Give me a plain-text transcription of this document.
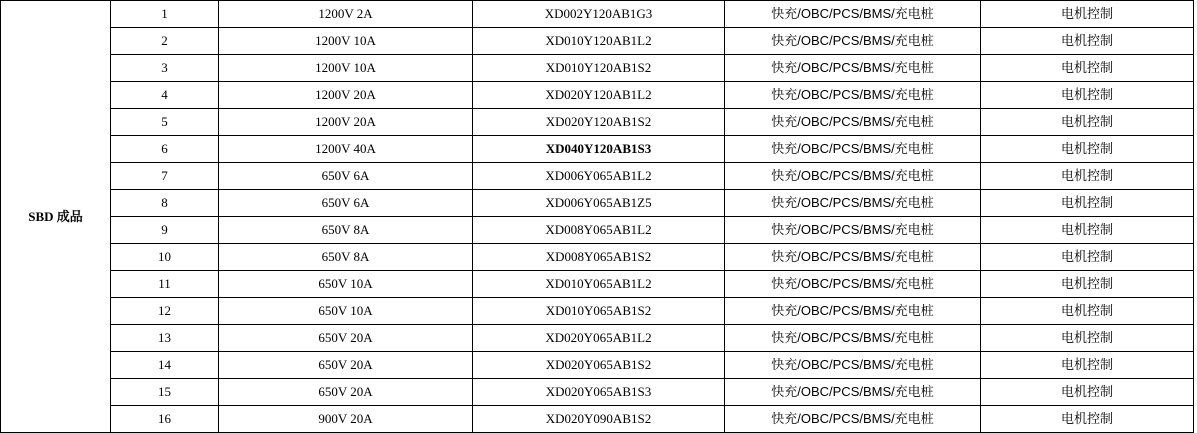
SBD 成品	1	1200V 2A	XD002Y120AB1G3	快充/OBC/PCS/BMS/充电桩	电机控制
	2	1200V 10A	XD010Y120AB1L2	快充/OBC/PCS/BMS/充电桩	电机控制
	3	1200V 10A	XD010Y120AB1S2	快充/OBC/PCS/BMS/充电桩	电机控制
	4	1200V 20A	XD020Y120AB1L2	快充/OBC/PCS/BMS/充电桩	电机控制
	5	1200V 20A	XD020Y120AB1S2	快充/OBC/PCS/BMS/充电桩	电机控制
	6	1200V 40A	XD040Y120AB1S3	快充/OBC/PCS/BMS/充电桩	电机控制
	7	650V 6A	XD006Y065AB1L2	快充/OBC/PCS/BMS/充电桩	电机控制
	8	650V 6A	XD006Y065AB1Z5	快充/OBC/PCS/BMS/充电桩	电机控制
	9	650V 8A	XD008Y065AB1L2	快充/OBC/PCS/BMS/充电桩	电机控制
	10	650V 8A	XD008Y065AB1S2	快充/OBC/PCS/BMS/充电桩	电机控制
	11	650V 10A	XD010Y065AB1L2	快充/OBC/PCS/BMS/充电桩	电机控制
	12	650V 10A	XD010Y065AB1S2	快充/OBC/PCS/BMS/充电桩	电机控制
	13	650V 20A	XD020Y065AB1L2	快充/OBC/PCS/BMS/充电桩	电机控制
	14	650V 20A	XD020Y065AB1S2	快充/OBC/PCS/BMS/充电桩	电机控制
	15	650V 20A	XD020Y065AB1S3	快充/OBC/PCS/BMS/充电桩	电机控制
	16	900V 20A	XD020Y090AB1S2	快充/OBC/PCS/BMS/充电桩	电机控制
